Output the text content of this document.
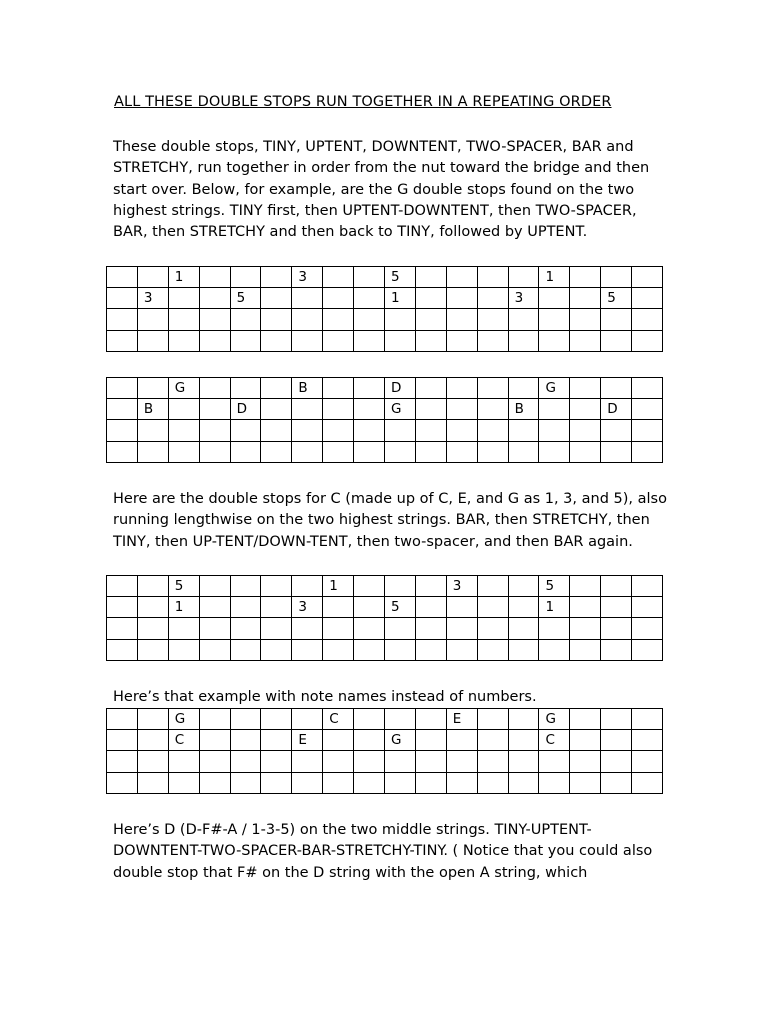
ALL THESE DOUBLE STOPS RUN TOGETHER IN A REPEATING ORDER

These double stops, TINY, UPTENT, DOWNTENT, TWO-SPACER, BAR and STRETCHY, run together in order from the nut toward the bridge and then start over. Below, for example, are the G double stops found on the two highest strings. TINY first, then UPTENT-DOWNTENT, then TWO-SPACER, BAR, then STRETCHY and then back to TINY, followed by UPTENT.

		1				3			5					1			
	3			5					1				3			5	

		G				B			D					G			
	B			D					G				B			D	

Here are the double stops for C (made up of C, E, and G as 1, 3, and 5), also running lengthwise on the two highest strings. BAR, then STRETCHY, then TINY, then UP-TENT/DOWN-TENT, then two-spacer, and then BAR again.

		5					1				3			5			
		1				3			5					1			

Here’s that example with note names instead of numbers.

		G					C				E			G			
		C				E			G					C			

Here’s D (D-F#-A / 1-3-5) on the two middle strings. TINY-UPTENT-DOWNTENT-TWO-SPACER-BAR-STRETCHY-TINY. ( Notice that you could also double stop that F# on the D string with the open A string, which
